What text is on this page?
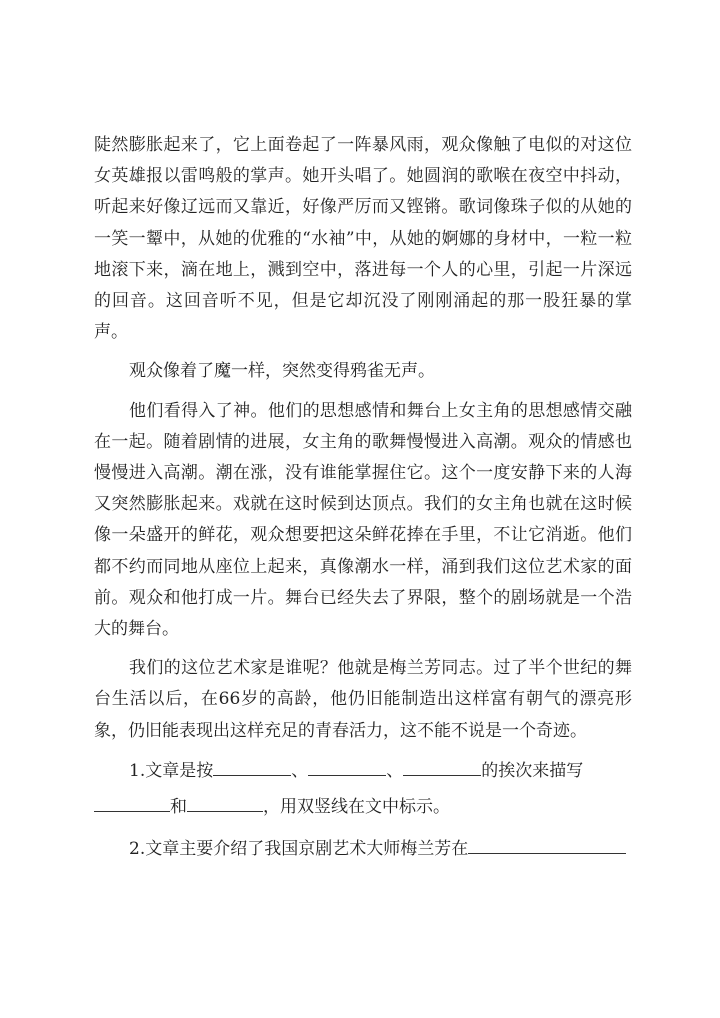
陡然膨胀起来了，它上面卷起了一阵暴风雨，观众像触了电似的对这位女英雄报以雷鸣般的掌声。她开头唱了。她圆润的歌喉在夜空中抖动，听起来好像辽远而又靠近，好像严厉而又铿锵。歌词像珠子似的从她的一笑一颦中，从她的优雅的“水袖”中，从她的婀娜的身材中，一粒一粒地滚下来，滴在地上，溅到空中，落进每一个人的心里，引起一片深远的回音。这回音听不见，但是它却沉没了刚刚涌起的那一股狂暴的掌声。

观众像着了魔一样，突然变得鸦雀无声。

他们看得入了神。他们的思想感情和舞台上女主角的思想感情交融在一起。随着剧情的进展，女主角的歌舞慢慢进入高潮。观众的情感也慢慢进入高潮。潮在涨，没有谁能掌握住它。这个一度安静下来的人海又突然膨胀起来。戏就在这时候到达顶点。我们的女主角也就在这时候像一朵盛开的鲜花，观众想要把这朵鲜花捧在手里，不让它消逝。他们都不约而同地从座位上起来，真像潮水一样，涌到我们这位艺术家的面前。观众和他打成一片。舞台已经失去了界限，整个的剧场就是一个浩大的舞台。

我们的这位艺术家是谁呢？他就是梅兰芳同志。过了半个世纪的舞台生活以后，在66岁的高龄，他仍旧能制造出这样富有朝气的漂亮形象，仍旧能表现出这样充足的青春活力，这不能不说是一个奇迹。

1.文章是按	、	、	的挨次来描写

和	，用双竖线在文中标示。

2.文章主要介绍了我国京剧艺术大师梅兰芳在
